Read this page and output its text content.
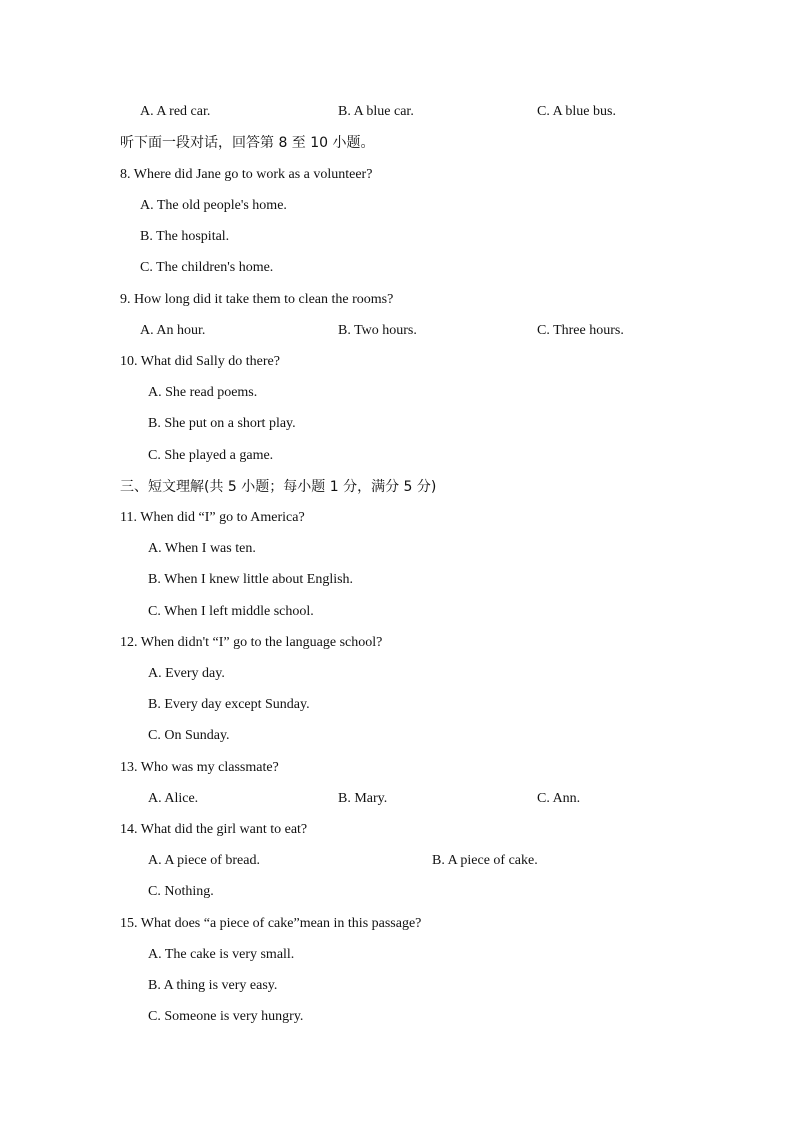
A. A red car.	B. A blue car.	C. A blue bus.
听下面一段对话，回答第 8 至 10 小题。
8. Where did Jane go to work as a volunteer?
A. The old people's home.
B. The hospital.
C. The children's home.
9. How long did it take them to clean the rooms?
A. An hour.	B. Two hours.	C. Three hours.
10. What did Sally do there?
A. She read poems.
B. She put on a short play.
C. She played a game.
三、短文理解(共 5 小题；每小题 1 分，满分 5 分)
11. When did “I” go to America?
A. When I was ten.
B. When I knew little about English.
C. When I left middle school.
12. When didn't “I” go to the language school?
A. Every day.
B. Every day except Sunday.
C. On Sunday.
13. Who was my classmate?
A. Alice.	B. Mary.	C. Ann.
14. What did the girl want to eat?
A. A piece of bread.	B. A piece of cake.
C. Nothing.
15. What does “a piece of cake”mean in this passage?
A. The cake is very small.
B. A thing is very easy.
C. Someone is very hungry.
